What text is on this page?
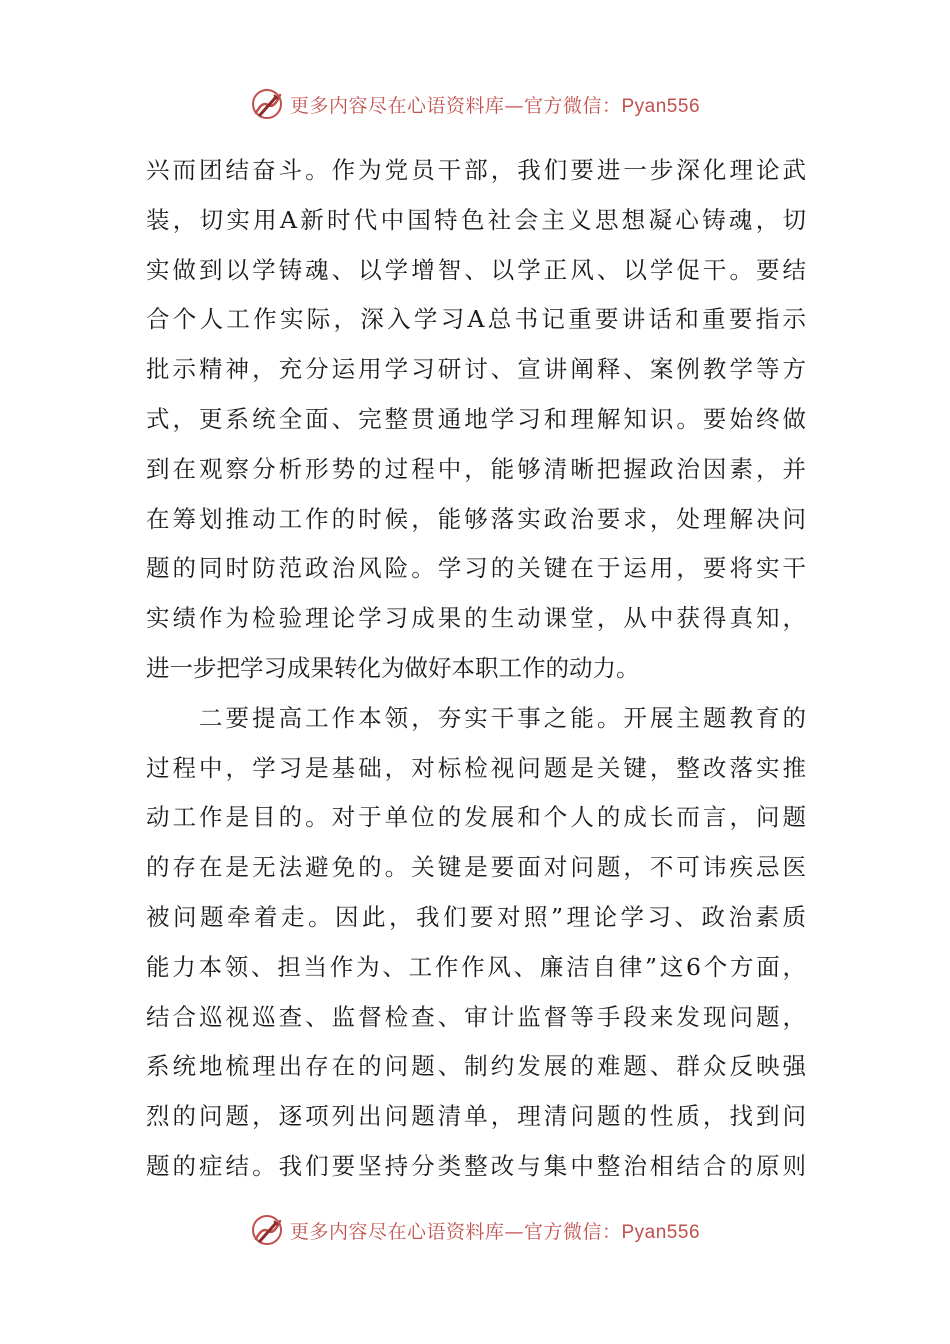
更多内容尽在心语资料库—官方微信：Pyan556
兴而团结奋斗。作为党员干部，我们要进一步深化理论武
装，切实用A新时代中国特色社会主义思想凝心铸魂，切
实做到以学铸魂、以学增智、以学正风、以学促干。要结
合个人工作实际，深入学习A总书记重要讲话和重要指示
批示精神，充分运用学习研讨、宣讲阐释、案例教学等方
式，更系统全面、完整贯通地学习和理解知识。要始终做
到在观察分析形势的过程中，能够清晰把握政治因素，并
在筹划推动工作的时候，能够落实政治要求，处理解决问
题的同时防范政治风险。学习的关键在于运用，要将实干
实绩作为检验理论学习成果的生动课堂，从中获得真知，
进一步把学习成果转化为做好本职工作的动力。
　　二要提高工作本领，夯实干事之能。开展主题教育的
过程中，学习是基础，对标检视问题是关键，整改落实推
动工作是目的。对于单位的发展和个人的成长而言，问题
的存在是无法避免的。关键是要面对问题，不可讳疾忌医
被问题牵着走。因此，我们要对照”理论学习、政治素质
能力本领、担当作为、工作作风、廉洁自律”这6个方面，
结合巡视巡查、监督检查、审计监督等手段来发现问题，
系统地梳理出存在的问题、制约发展的难题、群众反映强
烈的问题，逐项列出问题清单，理清问题的性质，找到问
题的症结。我们要坚持分类整改与集中整治相结合的原则
更多内容尽在心语资料库—官方微信：Pyan556
